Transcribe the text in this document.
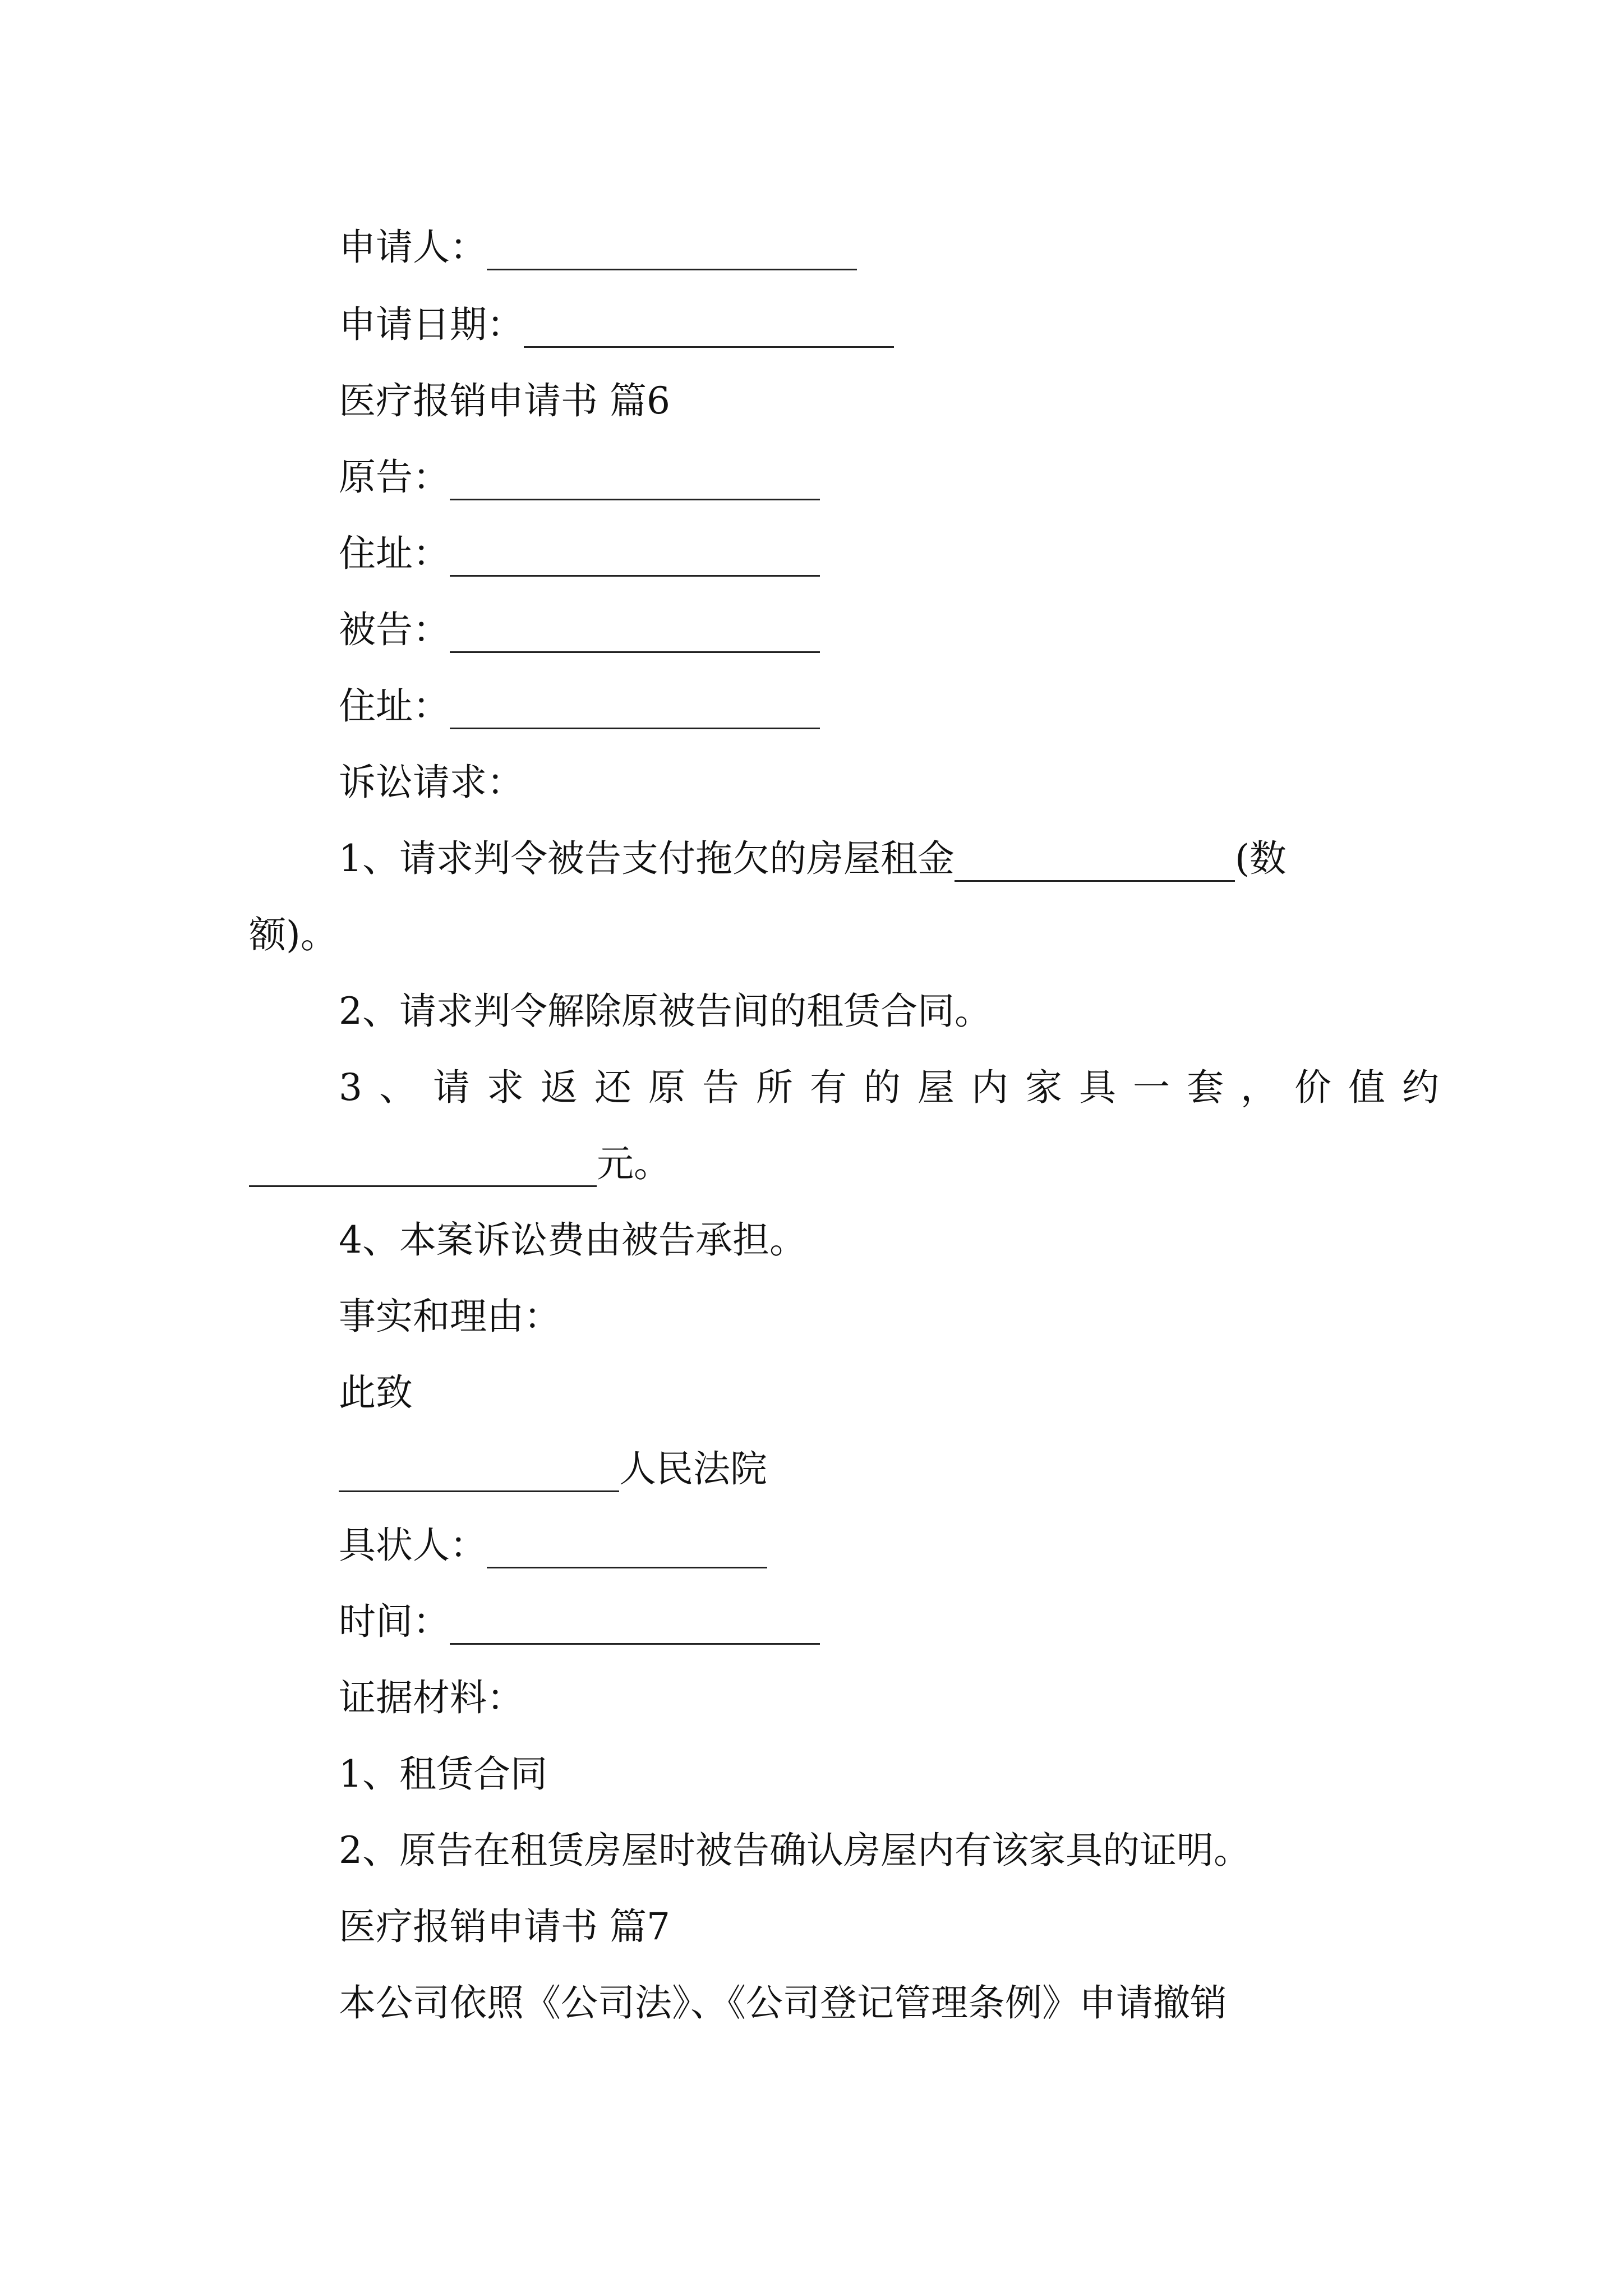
申请人：
申请日期：
医疗报销申请书 篇6
原告：
住址：
被告：
住址：
诉讼请求：
1、请求判令被告支付拖欠的房屋租金	(数
额)。
2、请求判令解除原被告间的租赁合同。
3、请求返还原告所有的屋内家具一套，价值约
元。
4、本案诉讼费由被告承担。
事实和理由：
此致
人民法院
具状人：
时间：
证据材料：
1、租赁合同
2、原告在租赁房屋时被告确认房屋内有该家具的证明。
医疗报销申请书 篇7
本公司依照《公司法》、《公司登记管理条例》申请撤销
